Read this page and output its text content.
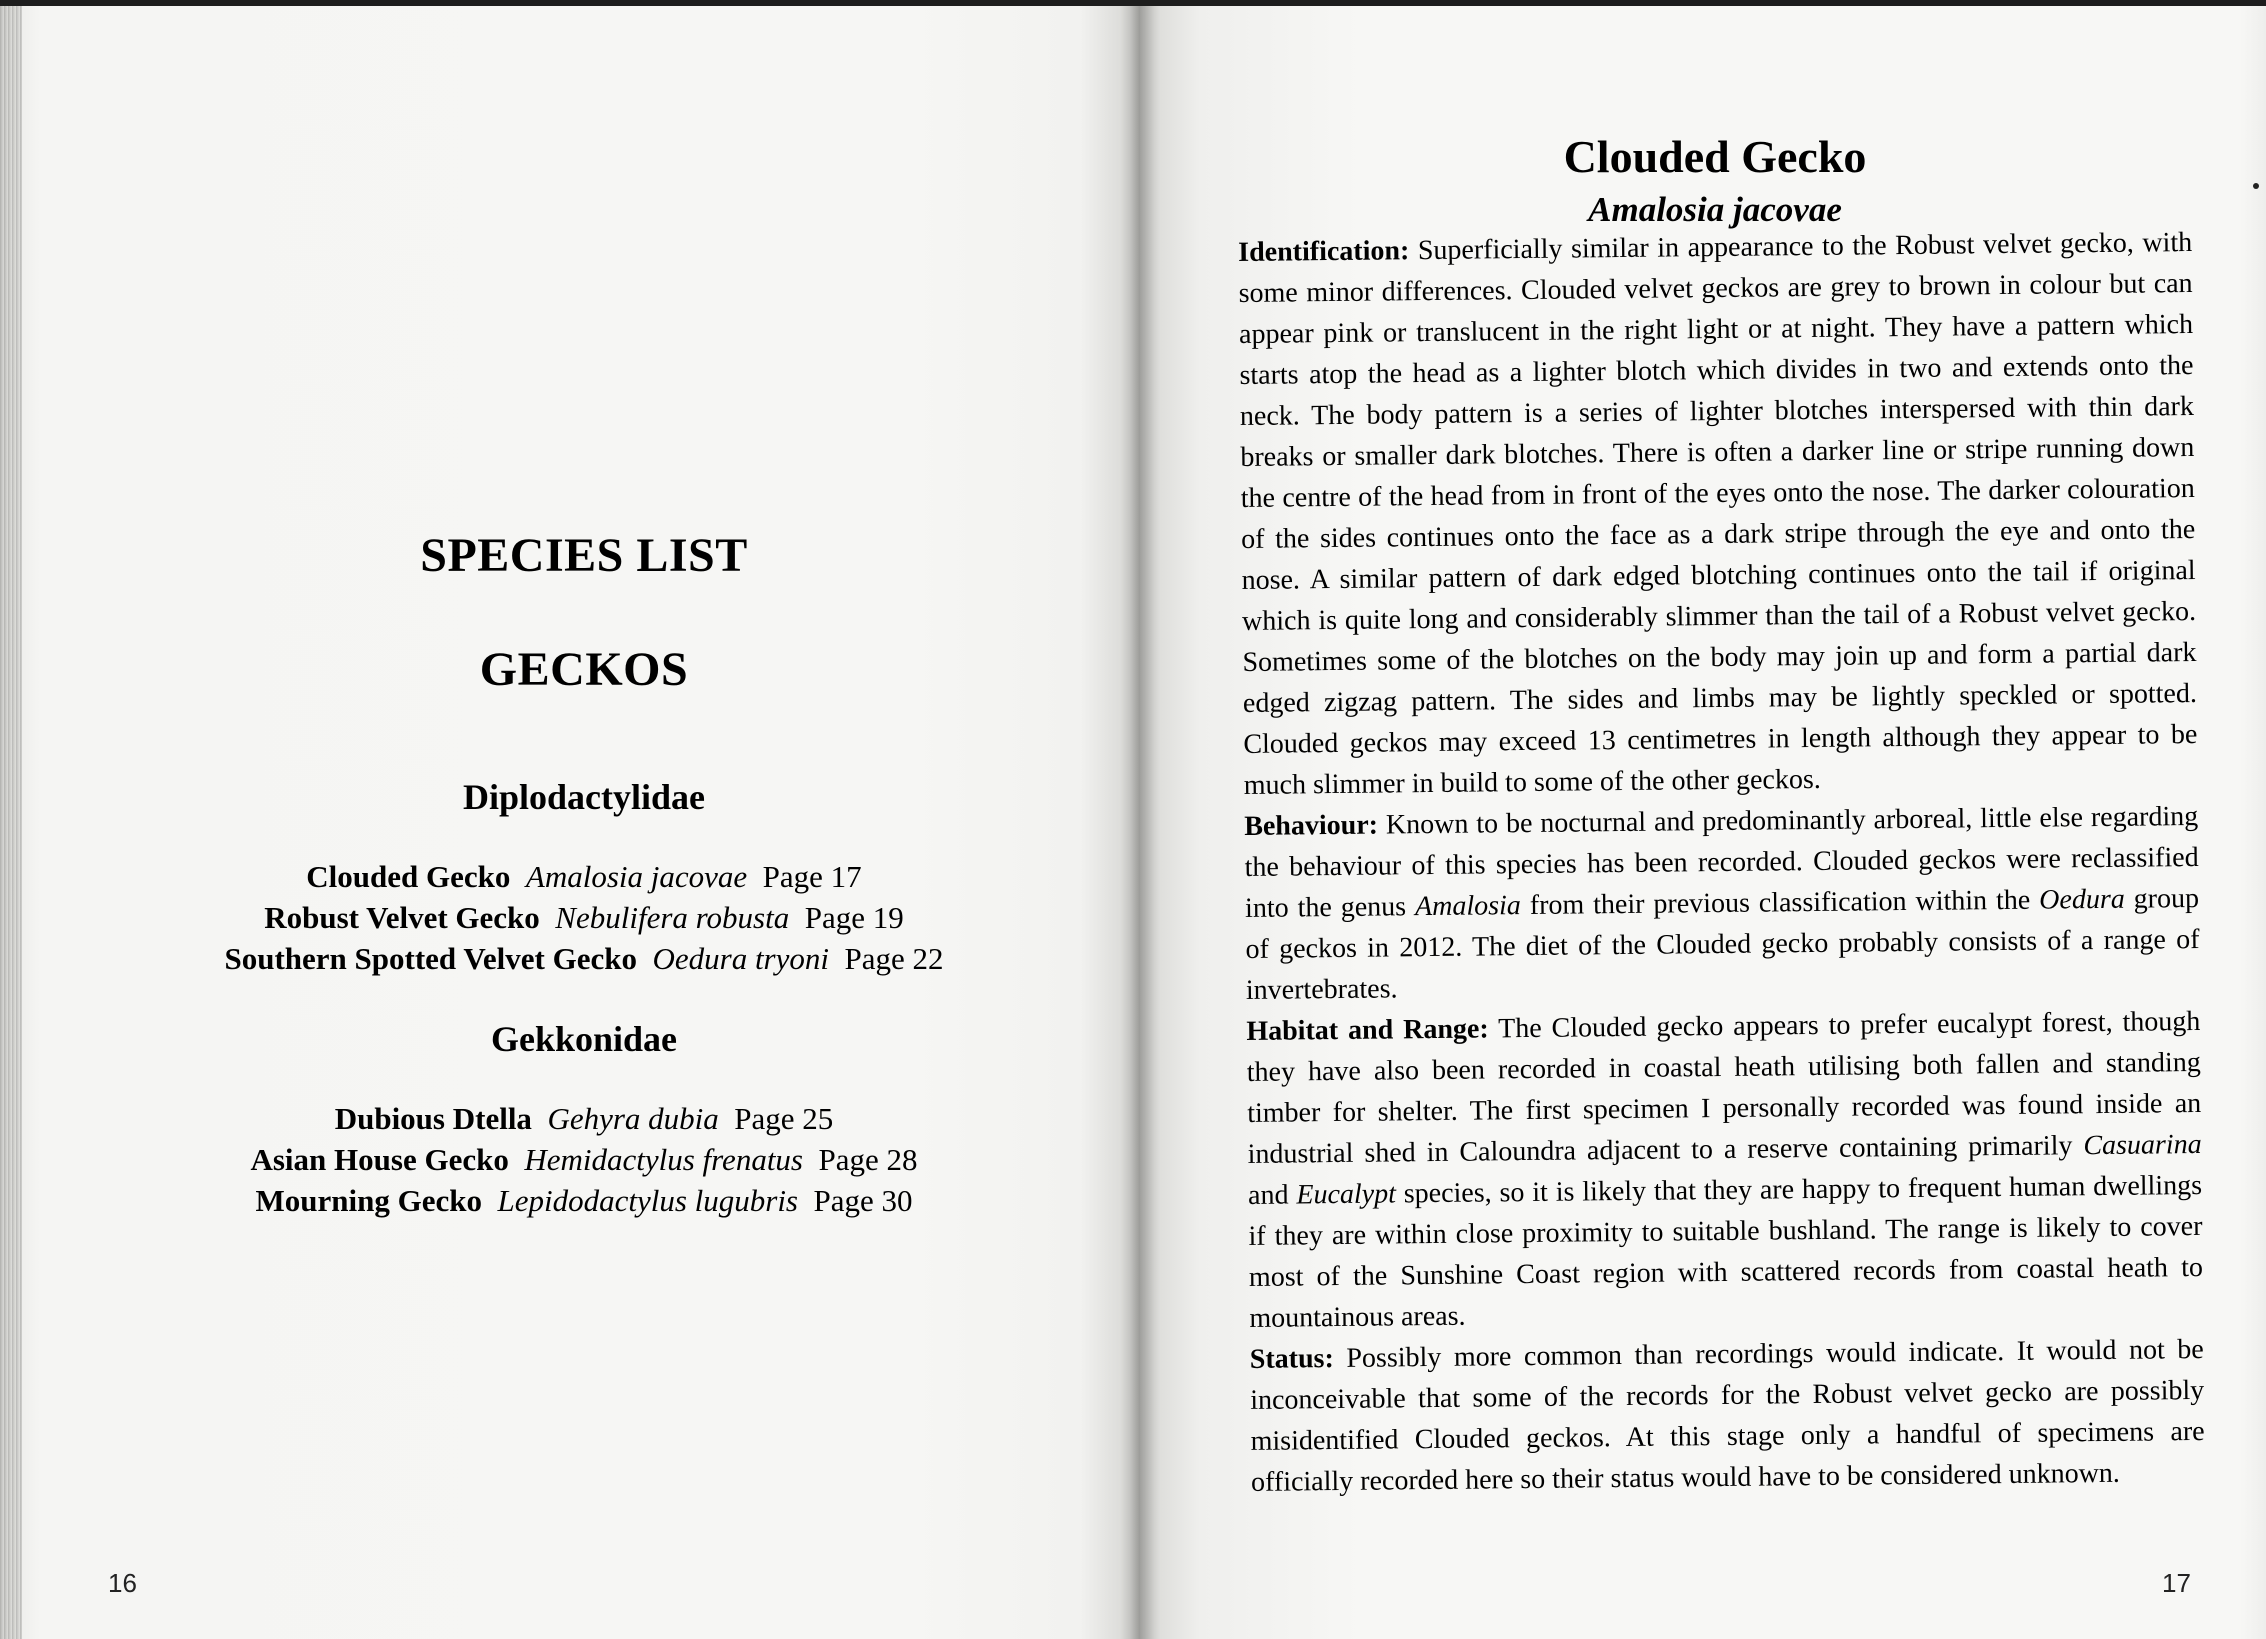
SPECIES LIST
GECKOS
Diplodactylidae
Clouded Gecko Amalosia jacovae Page 17
Robust Velvet Gecko Nebulifera robusta Page 19
Southern Spotted Velvet Gecko Oedura tryoni Page 22
Gekkonidae
Dubious Dtella Gehyra dubia Page 25
Asian House Gecko Hemidactylus frenatus Page 28
Mourning Gecko Lepidodactylus lugubris Page 30
16
Clouded Gecko
Amalosia jacovae

Identification: Superficially similar in appearance to the Robust velvet gecko, with some minor differences. Clouded velvet geckos are grey to brown in colour but can appear pink or translucent in the right light or at night. They have a pattern which starts atop the head as a lighter blotch which divides in two and extends onto the neck. The body pattern is a series of lighter blotches interspersed with thin dark breaks or smaller dark blotches. There is often a darker line or stripe running down the centre of the head from in front of the eyes onto the nose. The darker colouration of the sides continues onto the face as a dark stripe through the eye and onto the nose. A similar pattern of dark edged blotching continues onto the tail if original which is quite long and considerably slimmer than the tail of a Robust velvet gecko. Sometimes some of the blotches on the body may join up and form a partial dark edged zigzag pattern. The sides and limbs may be lightly speckled or spotted. Clouded geckos may exceed 13 centimetres in length although they appear to be much slimmer in build to some of the other geckos.

Behaviour: Known to be nocturnal and predominantly arboreal, little else regarding the behaviour of this species has been recorded. Clouded geckos were reclassified into the genus Amalosia from their previous classification within the Oedura group of geckos in 2012. The diet of the Clouded gecko probably consists of a range of invertebrates.

Habitat and Range: The Clouded gecko appears to prefer eucalypt forest, though they have also been recorded in coastal heath utilising both fallen and standing timber for shelter. The first specimen I personally recorded was found inside an industrial shed in Caloundra adjacent to a reserve containing primarily Casuarina and Eucalypt species, so it is likely that they are happy to frequent human dwellings if they are within close proximity to suitable bushland. The range is likely to cover most of the Sunshine Coast region with scattered records from coastal heath to mountainous areas.

Status: Possibly more common than recordings would indicate. It would not be inconceivable that some of the records for the Robust velvet gecko are possibly misidentified Clouded geckos. At this stage only a handful of specimens are officially recorded here so their status would have to be considered unknown.

17
